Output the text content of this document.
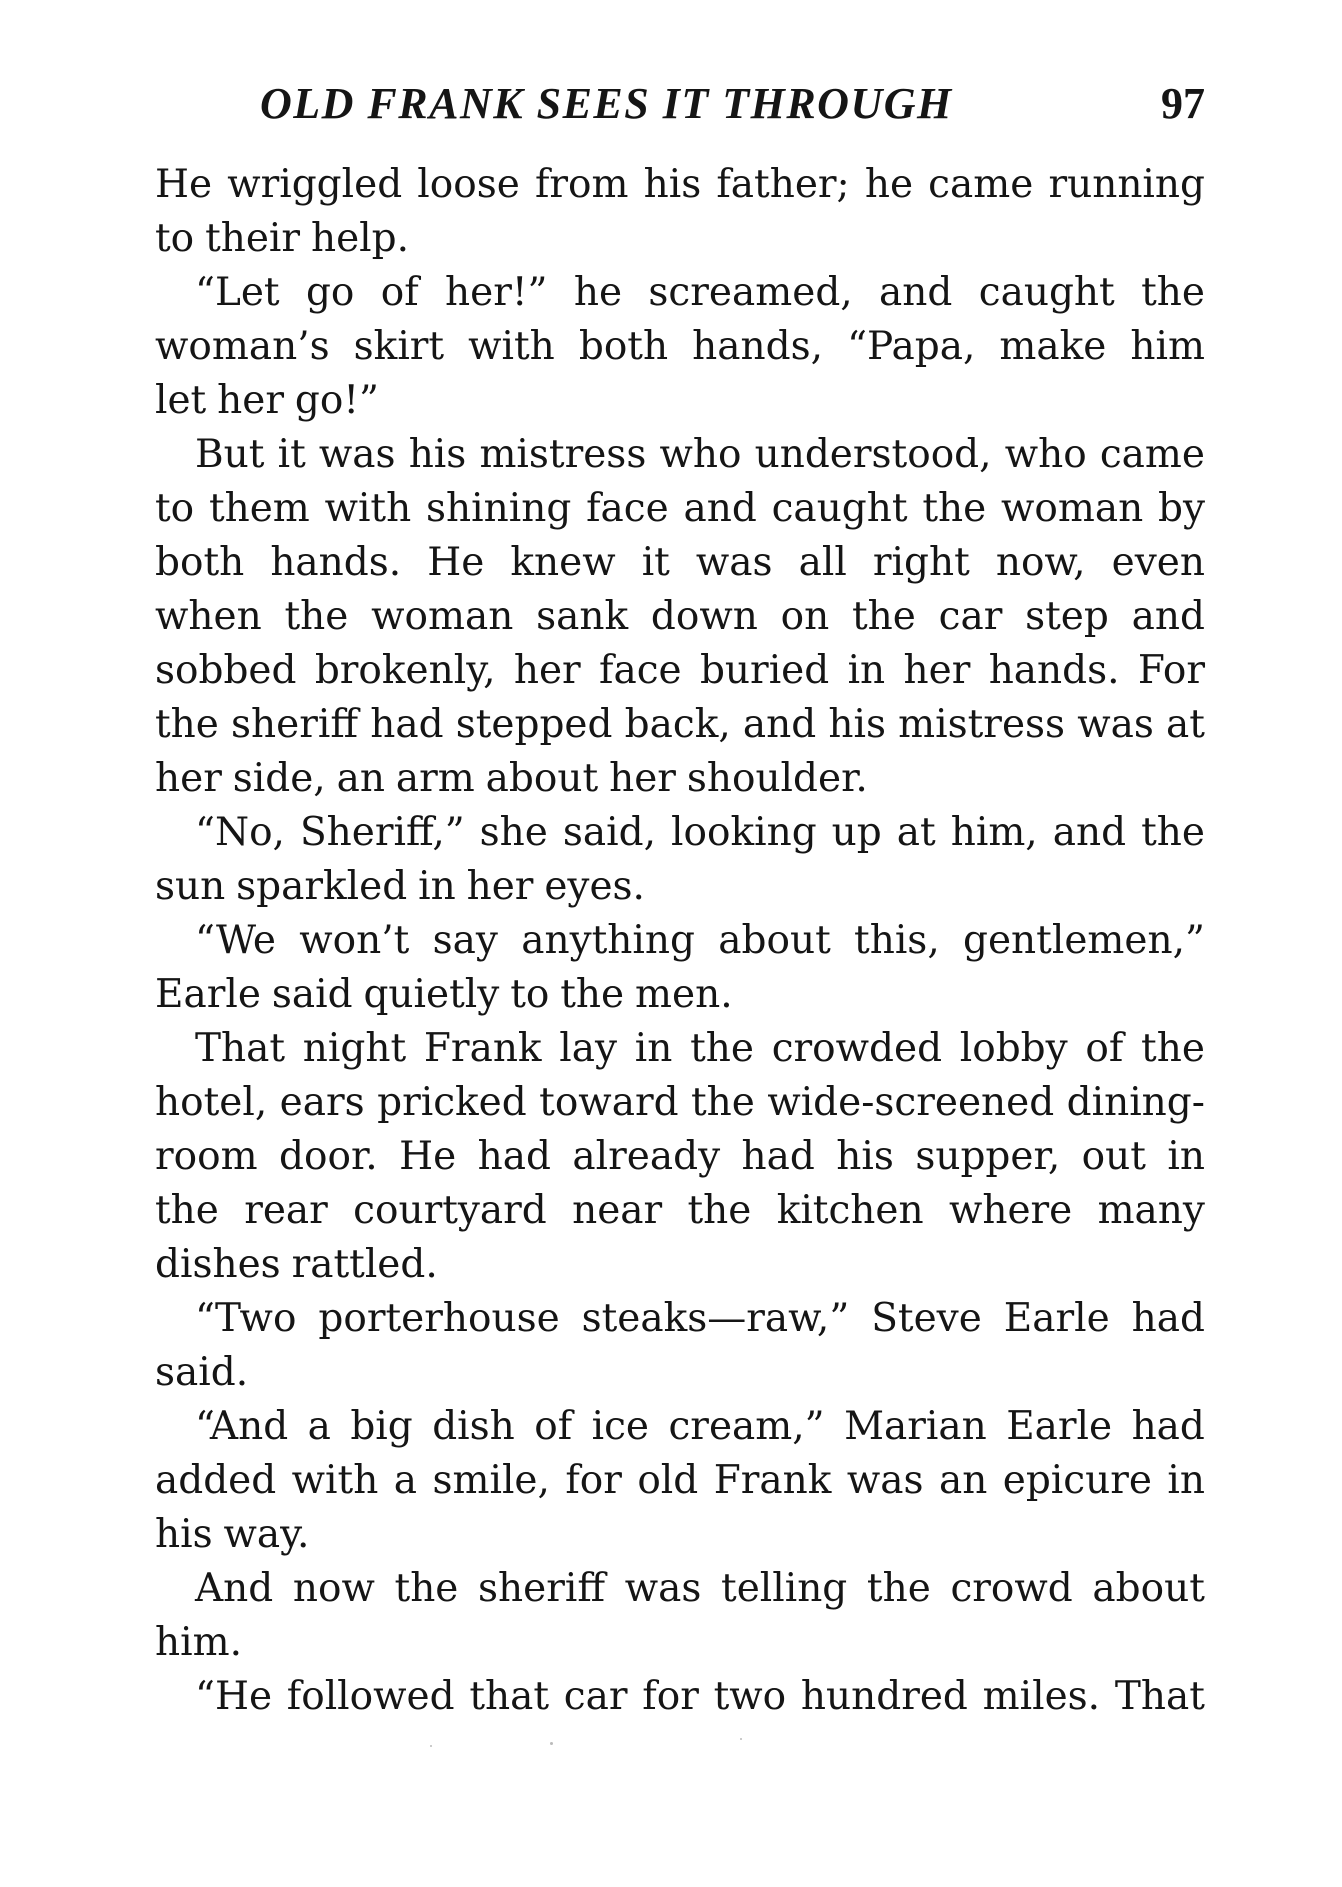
OLD FRANK SEES IT THROUGH	97
He wriggled loose from his father; he came running
to their help.
“Let go of her!” he screamed, and caught the
woman’s skirt with both hands, “Papa, make him
let her go!”
But it was his mistress who understood, who came
to them with shining face and caught the woman by
both hands. He knew it was all right now, even
when the woman sank down on the car step and
sobbed brokenly, her face buried in her hands. For
the sheriff had stepped back, and his mistress was at
her side, an arm about her shoulder.
“No, Sheriff,” she said, looking up at him, and the
sun sparkled in her eyes.
“We won’t say anything about this, gentlemen,”
Earle said quietly to the men.
That night Frank lay in the crowded lobby of the
hotel, ears pricked toward the wide-screened dining-
room door. He had already had his supper, out in
the rear courtyard near the kitchen where many
dishes rattled.
“Two porterhouse steaks—raw,” Steve Earle had
said.
“And a big dish of ice cream,” Marian Earle had
added with a smile, for old Frank was an epicure in
his way.
And now the sheriff was telling the crowd about
him.
“He followed that car for two hundred miles. That
